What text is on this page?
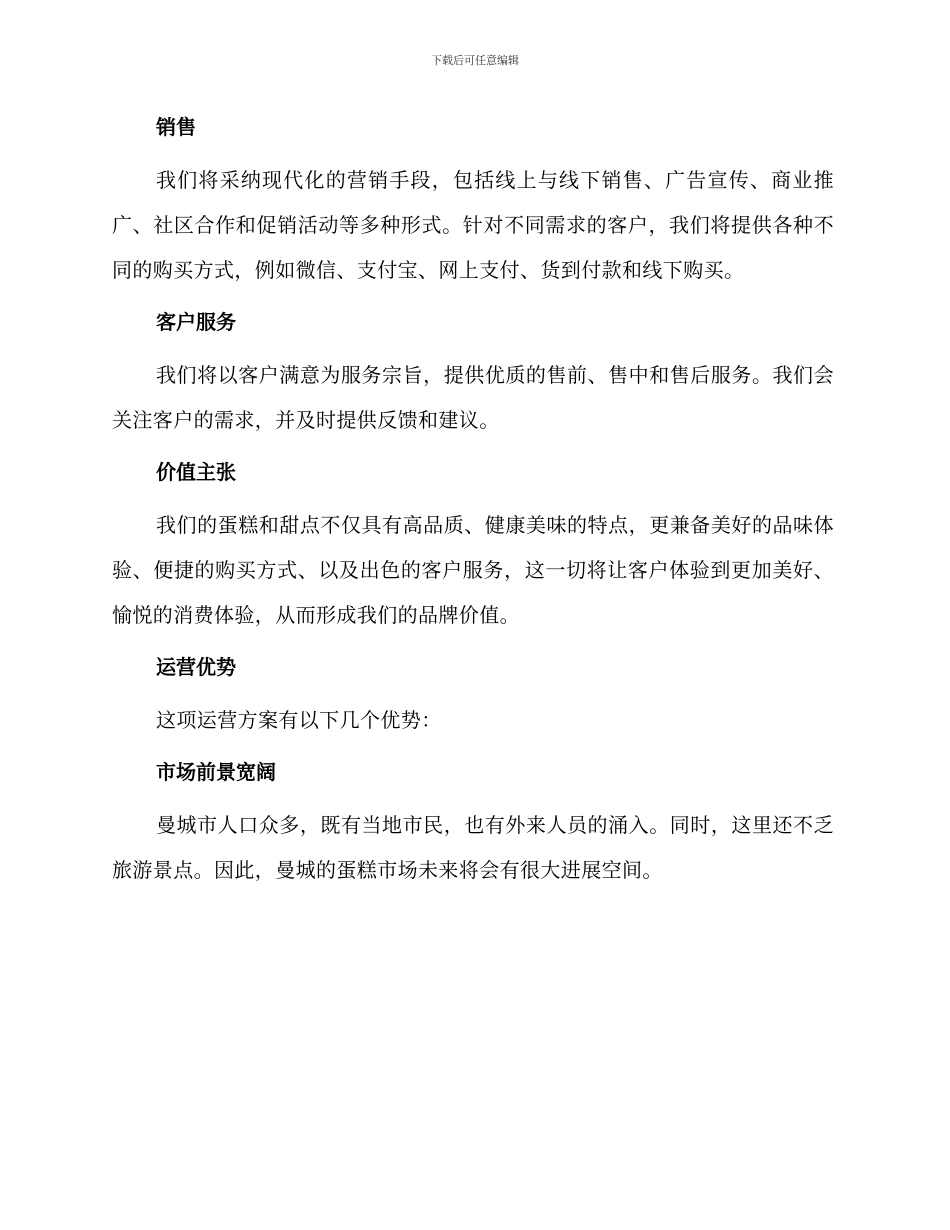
下载后可任意编辑
销售

我们将采纳现代化的营销手段，包括线上与线下销售、广告宣传、商业推广、社区合作和促销活动等多种形式。针对不同需求的客户，我们将提供各种不同的购买方式，例如微信、支付宝、网上支付、货到付款和线下购买。

客户服务

我们将以客户满意为服务宗旨，提供优质的售前、售中和售后服务。我们会关注客户的需求，并及时提供反馈和建议。

价值主张

我们的蛋糕和甜点不仅具有高品质、健康美味的特点，更兼备美好的品味体验、便捷的购买方式、以及出色的客户服务，这一切将让客户体验到更加美好、愉悦的消费体验，从而形成我们的品牌价值。

运营优势

这项运营方案有以下几个优势：

市场前景宽阔

曼城市人口众多，既有当地市民，也有外来人员的涌入。同时，这里还不乏旅游景点。因此，曼城的蛋糕市场未来将会有很大进展空间。
